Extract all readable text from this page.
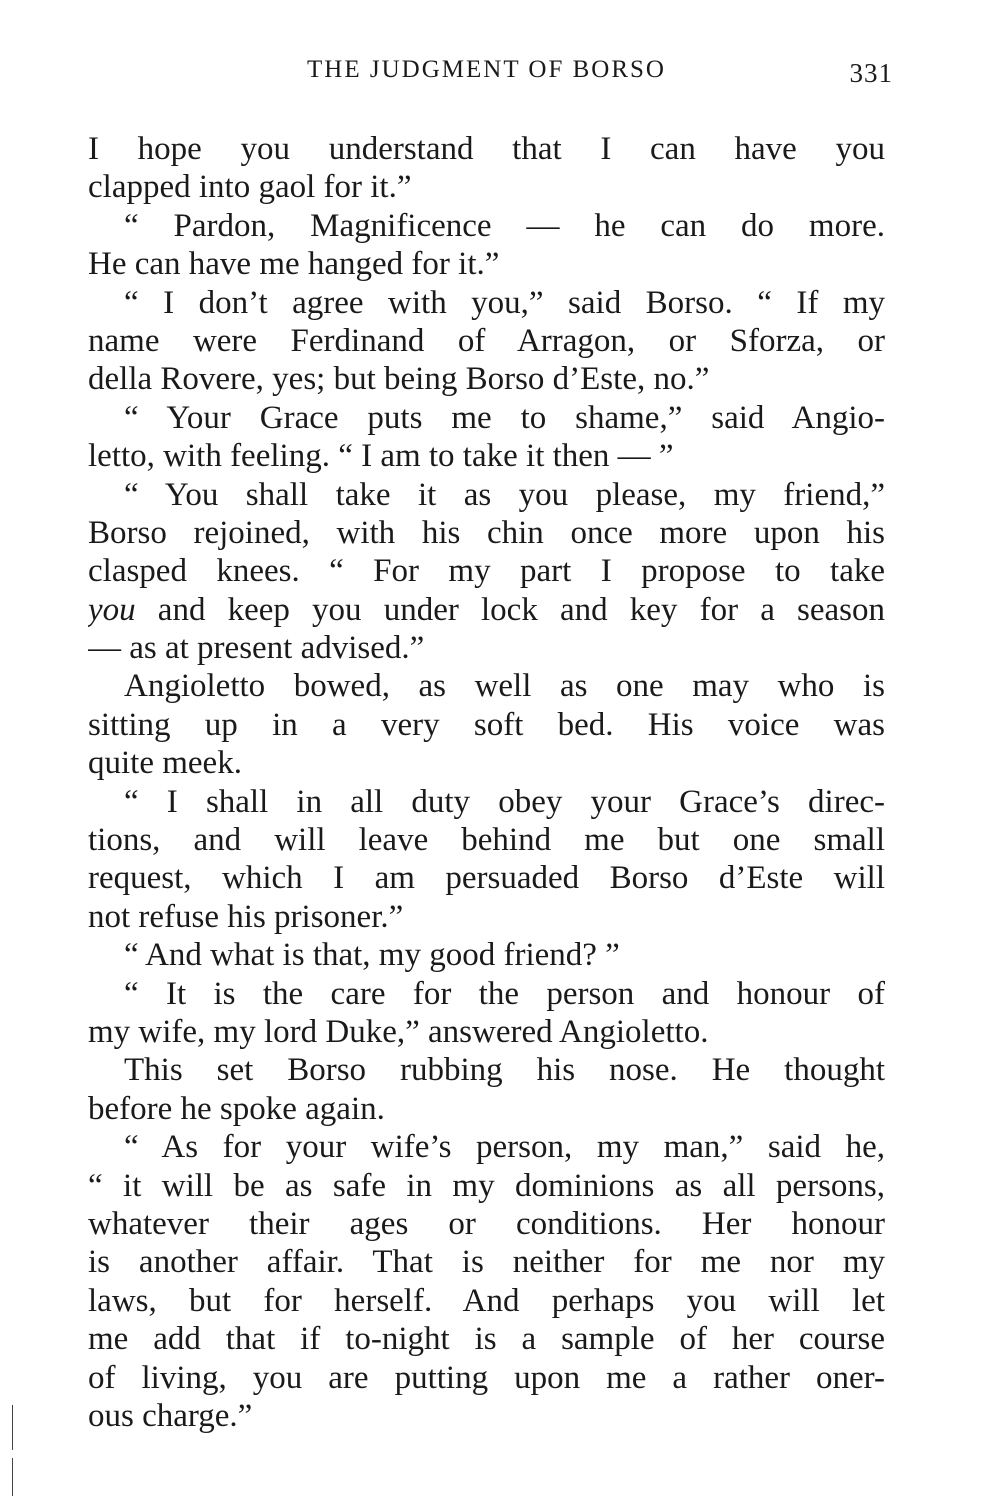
THE JUDGMENT OF BORSO	331
I hope you understand that I can have you
clapped into gaol for it.”
“ Pardon, Magnificence — he can do more.
He can have me hanged for it.”
“ I don’t agree with you,” said Borso. “ If my
name were Ferdinand of Arragon, or Sforza, or
della Rovere, yes; but being Borso d’Este, no.”
“ Your Grace puts me to shame,” said Angio-
letto, with feeling. “ I am to take it then — ”
“ You shall take it as you please, my friend,”
Borso rejoined, with his chin once more upon his
clasped knees. “ For my part I propose to take
you and keep you under lock and key for a season
— as at present advised.”
Angioletto bowed, as well as one may who is
sitting up in a very soft bed. His voice was
quite meek.
“ I shall in all duty obey your Grace’s direc-
tions, and will leave behind me but one small
request, which I am persuaded Borso d’Este will
not refuse his prisoner.”
“ And what is that, my good friend? ”
“ It is the care for the person and honour of
my wife, my lord Duke,” answered Angioletto.
This set Borso rubbing his nose. He thought
before he spoke again.
“ As for your wife’s person, my man,” said he,
“ it will be as safe in my dominions as all persons,
whatever their ages or conditions. Her honour
is another affair. That is neither for me nor my
laws, but for herself. And perhaps you will let
me add that if to-night is a sample of her course
of living, you are putting upon me a rather oner-
ous charge.”
